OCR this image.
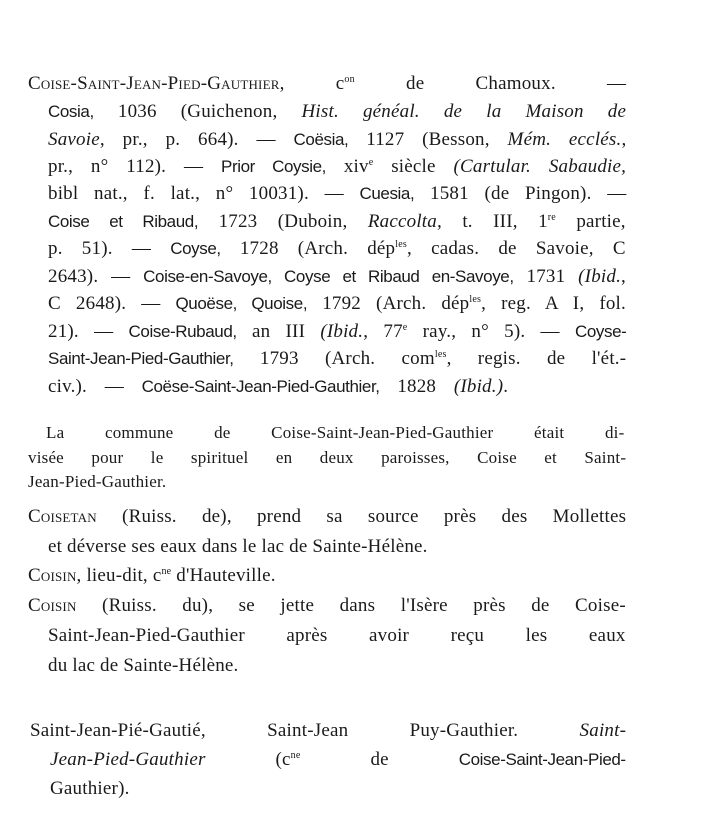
Coise-Saint-Jean-Pied-Gauthier, $c^{on}$ de Chamoux. —
Cosia, 1036 (Guichenon, Hist. généal. de la Maison de
Savoie, pr., p. 664). — Coësia, 1127 (Besson, Mém. ecclés.,
pr., n° 112). — Prior Coysie, xiv$^e$ siècle (Cartular. Sabaudie,
bibl nat., f. lat., n° 10031). — Cuesia, 1581 (de Pingon). —
Coise et Ribaud, 1723 (Duboin, Raccolta, t. III, 1re partie,
p. 51). — Coyse, 1728 (Arch. dép$^{les}$, cadas. de Savoie, C
2643). — Coise-en-Savoye, Coyse et Ribaud en-Savoye, 1731 (Ibid.,
C 2648). — Quoëse, Quoise, 1792 (Arch. dép$^{les}$, reg. A I, fol.
21). — Coise-Rubaud, an III (Ibid., 77e ray., n° 5). — Coyse-
Saint-Jean-Pied-Gauthier, 1793 (Arch. com$^{les}$, regis. de l'ét.-
civ.). — Coëse-Saint-Jean-Pied-Gauthier, 1828 (Ibid.).
La commune de Coise-Saint-Jean-Pied-Gauthier était di-
visée pour le spirituel en deux paroisses, Coise et Saint-
Jean-Pied-Gauthier.
Coisetan (Ruiss. de), prend sa source près des Mollettes
et déverse ses eaux dans le lac de Sainte-Hélène.
Coisin, lieu-dit, $c^{ne}$ d'Hauteville.
Coisin (Ruiss. du), se jette dans l'Isère près de Coise-
Saint-Jean-Pied-Gauthier après avoir reçu les eaux
du lac de Sainte-Hélène.
Saint-Jean-Pié-Gautié, Saint-Jean Puy-Gauthier. Saint-
Jean-Pied-Gauthier ($c^{ne}$ de Coise-Saint-Jean-Pied-
Gauthier).
